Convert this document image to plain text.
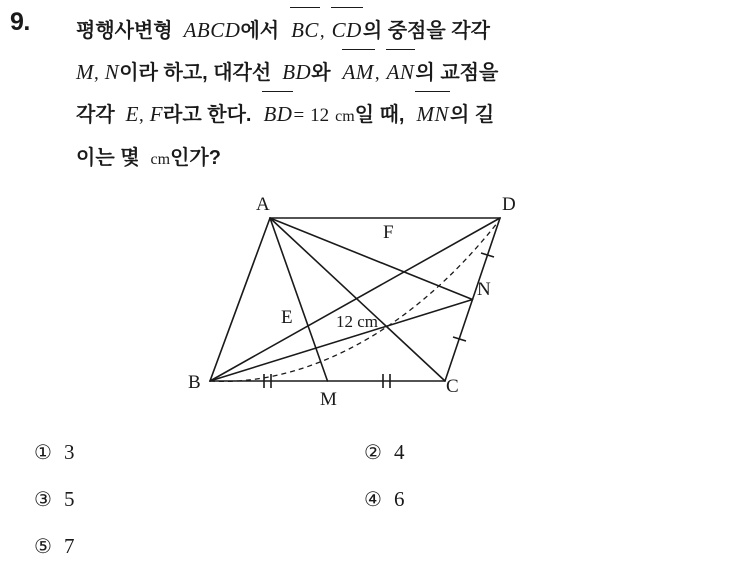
9. 평행사변형 ABCD에서 BC, CD의 중점을 각각
M, N이라 하고, 대각선 BD와 AM, AN의 교점을
각각 E, F라고 한다. BD= 12 cm일 때, MN의 길
이는 몇 cm인가?
A	D
B	C
M
N
E
F
12 cm
① 3	② 4
③ 5	④ 6
⑤ 7
